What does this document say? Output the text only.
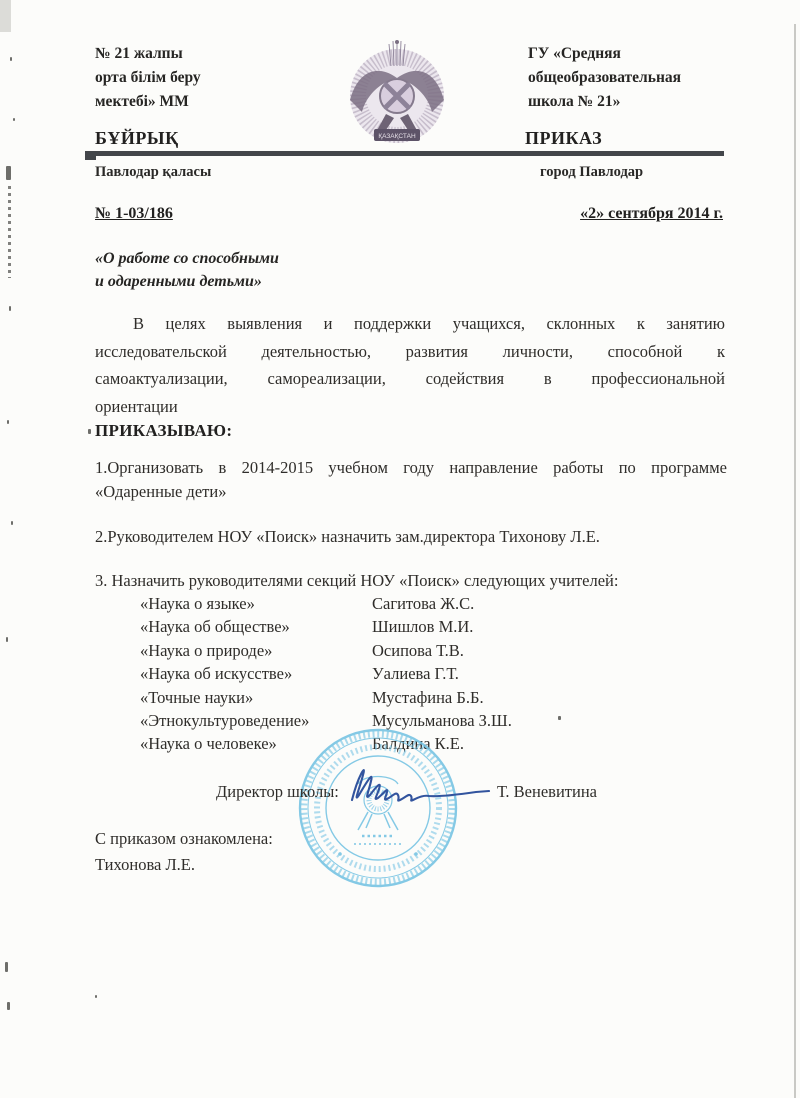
№ 21 жалпы
орта білім беру
мектебі» ММ
ҚАЗАҚСТАН
ГУ «Средняя
общеобразовательная
школа № 21»
БҰЙРЫҚ	ПРИКАЗ
Павлодар қаласы	город Павлодар
№ 1-03/186	«2» сентября 2014 г.
«О работе со способными
и одаренными детьми»
В целях выявления и поддержки учащихся, склонных к занятию
исследовательской деятельностью, развития личности, способной к
самоактуализации, самореализации, содействия в профессиональной
ориентации
ПРИКАЗЫВАЮ:
1.Организовать в 2014-2015 учебном году направление работы по программе
«Одаренные дети»
2.Руководителем НОУ «Поиск» назначить зам.директора Тихонову Л.Е.
3. Назначить руководителями секций НОУ «Поиск» следующих учителей:
«Наука о языке»	Сагитова Ж.С.
«Наука об обществе»	Шишлов М.И.
«Наука о природе»	Осипова Т.В.
«Наука об искусстве»	Уалиева Г.Т.
«Точные науки»	Мустафина Б.Б.
«Этнокультуроведение»	Мусульманова З.Ш.
«Наука о человеке»	Балдина К.Е.
Директор школы:	Т. Веневитина
С приказом ознакомлена:
Тихонова Л.Е.
